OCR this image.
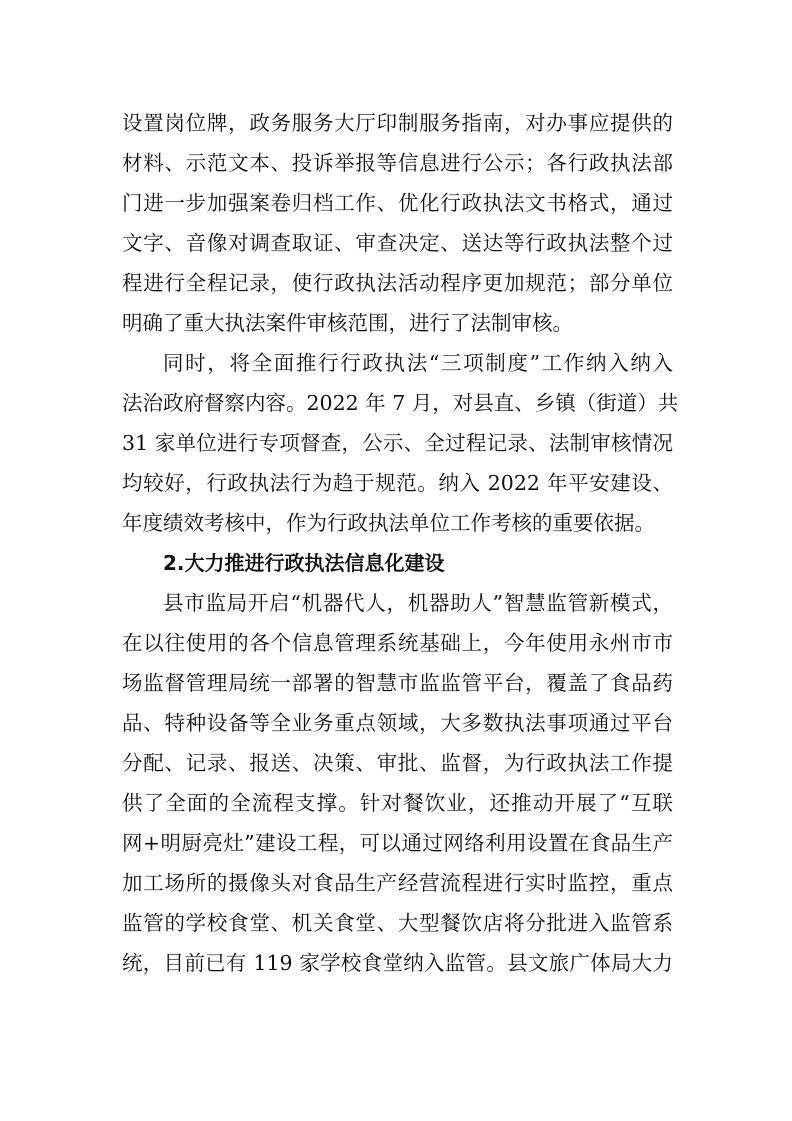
设置岗位牌，政务服务大厅印制服务指南，对办事应提供的
材料、示范文本、投诉举报等信息进行公示；各行政执法部
门进一步加强案卷归档工作、优化行政执法文书格式，通过
文字、音像对调查取证、审查决定、送达等行政执法整个过
程进行全程记录，使行政执法活动程序更加规范；部分单位
明确了重大执法案件审核范围，进行了法制审核。
同时，将全面推行行政执法“三项制度”工作纳入纳入
法治政府督察内容。2022 年 7 月，对县直、乡镇（街道）共
31 家单位进行专项督查，公示、全过程记录、法制审核情况
均较好，行政执法行为趋于规范。纳入 2022 年平安建设、
年度绩效考核中，作为行政执法单位工作考核的重要依据。
2.大力推进行政执法信息化建设
县市监局开启“机器代人，机器助人”智慧监管新模式，
在以往使用的各个信息管理系统基础上，今年使用永州市市
场监督管理局统一部署的智慧市监监管平台，覆盖了食品药
品、特种设备等全业务重点领域，大多数执法事项通过平台
分配、记录、报送、决策、审批、监督，为行政执法工作提
供了全面的全流程支撑。针对餐饮业，还推动开展了“互联
网+明厨亮灶”建设工程，可以通过网络利用设置在食品生产
加工场所的摄像头对食品生产经营流程进行实时监控，重点
监管的学校食堂、机关食堂、大型餐饮店将分批进入监管系
统，目前已有 119 家学校食堂纳入监管。县文旅广体局大力
